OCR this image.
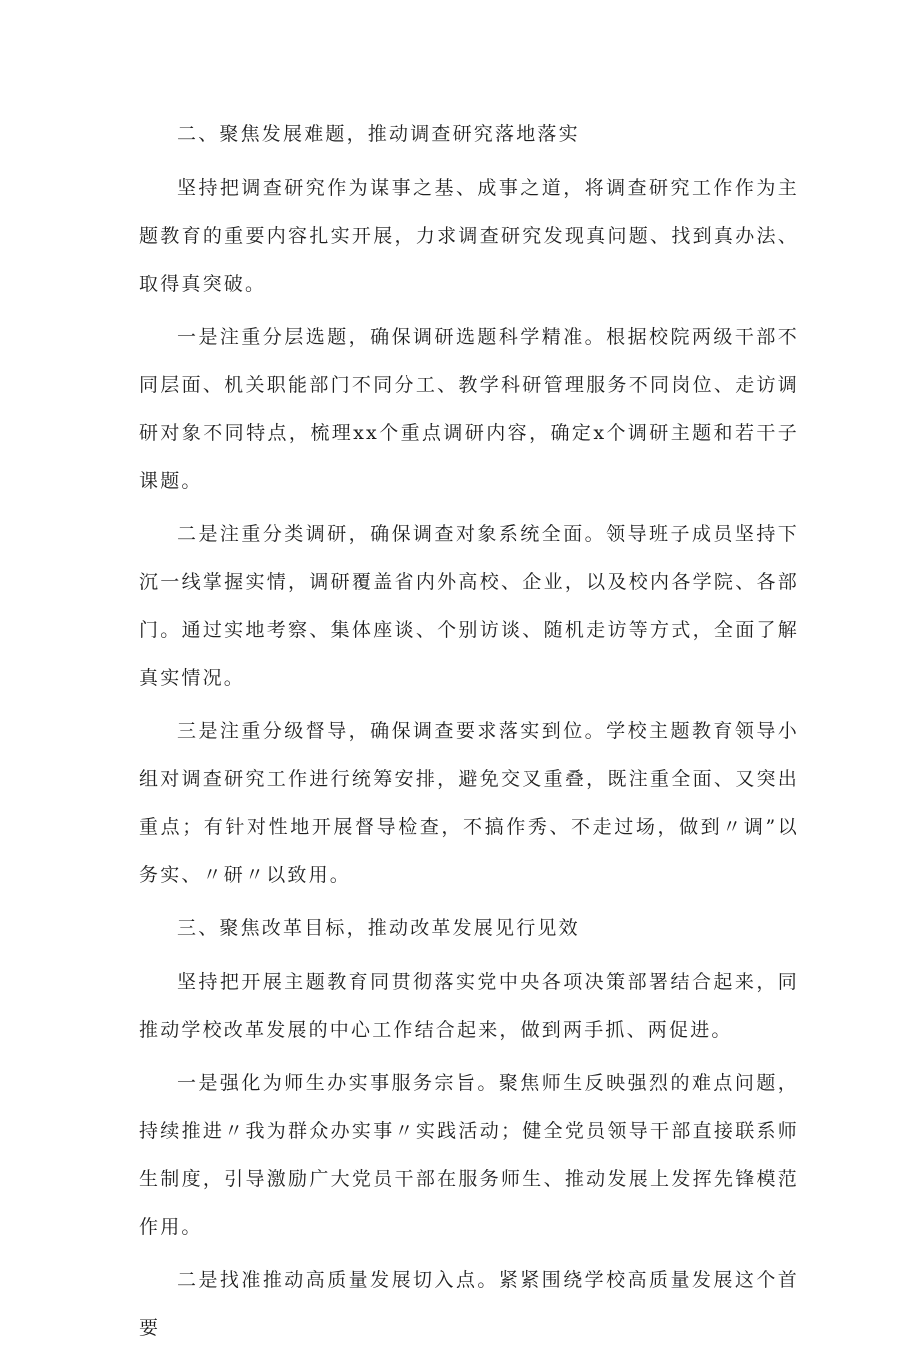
二、聚焦发展难题，推动调查研究落地落实

坚持把调查研究作为谋事之基、成事之道，将调查研究工作作为主题教育的重要内容扎实开展，力求调查研究发现真问题、找到真办法、取得真突破。

一是注重分层选题，确保调研选题科学精准。根据校院两级干部不同层面、机关职能部门不同分工、教学科研管理服务不同岗位、走访调研对象不同特点，梳理xx个重点调研内容，确定x个调研主题和若干子课题。

二是注重分类调研，确保调查对象系统全面。领导班子成员坚持下沉一线掌握实情，调研覆盖省内外高校、企业，以及校内各学院、各部门。通过实地考察、集体座谈、个别访谈、随机走访等方式，全面了解真实情况。

三是注重分级督导，确保调查要求落实到位。学校主题教育领导小组对调查研究工作进行统筹安排，避免交叉重叠，既注重全面、又突出重点；有针对性地开展督导检查，不搞作秀、不走过场，做到〃调”以务实、〃研〃以致用。

三、聚焦改革目标，推动改革发展见行见效

坚持把开展主题教育同贯彻落实党中央各项决策部署结合起来，同推动学校改革发展的中心工作结合起来，做到两手抓、两促进。

一是强化为师生办实事服务宗旨。聚焦师生反映强烈的难点问题，持续推进〃我为群众办实事〃实践活动；健全党员领导干部直接联系师生制度，引导激励广大党员干部在服务师生、推动发展上发挥先锋模范作用。

二是找准推动高质量发展切入点。紧紧围绕学校高质量发展这个首要
